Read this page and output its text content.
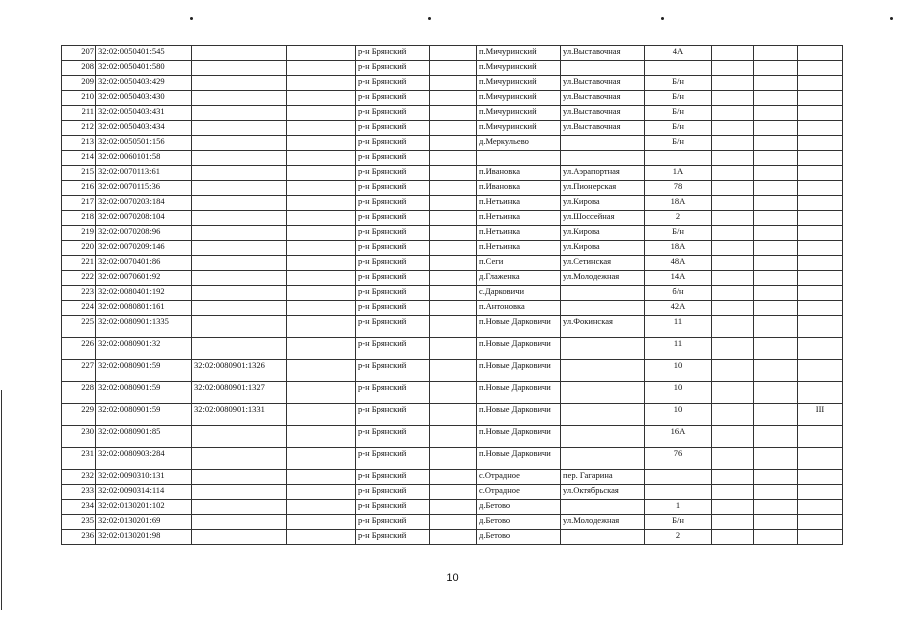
207	32:02:0050401:545			р-н Брянский		п.Мичуринский	ул.Выставочная	4А			
208	32:02:0050401:580			р-н Брянский		п.Мичуринский					
209	32:02:0050403:429			р-н Брянский		п.Мичуринский	ул.Выставочная	Б/н			
210	32:02:0050403:430			р-н Брянский		п.Мичуринский	ул.Выставочная	Б/н			
211	32:02:0050403:431			р-н Брянский		п.Мичуринский	ул.Выставочная	Б/н			
212	32:02:0050403:434			р-н Брянский		п.Мичуринский	ул.Выставочная	Б/н			
213	32:02:0050501:156			р-н Брянский		д.Меркульево		Б/н			
214	32:02:0060101:58			р-н Брянский							
215	32:02:0070113:61			р-н Брянский		п.Ивановка	ул.Аэрапортная	1А			
216	32:02:0070115:36			р-н Брянский		п.Ивановка	ул.Пионерская	78			
217	32:02:0070203:184			р-н Брянский		п.Нетьинка	ул.Кирова	18А			
218	32:02:0070208:104			р-н Брянский		п.Нетьинка	ул.Шоссейная	2			
219	32:02:0070208:96			р-н Брянский		п.Нетьинка	ул.Кирова	Б/н			
220	32:02:0070209:146			р-н Брянский		п.Нетьинка	ул.Кирова	18А			
221	32:02:0070401:86			р-н Брянский		п.Сеги	ул.Сетинская	48А			
222	32:02:0070601:92			р-н Брянский		д.Глаженка	ул.Молодежная	14А			
223	32:02:0080401:192			р-н Брянский		с.Дарковичи		б/н			
224	32:02:0080801:161			р-н Брянский		п.Антоновка		42А			
225	32:02:0080901:1335			р-н Брянский		п.Новые Дарковичи	ул.Фокинская	11			
226	32:02:0080901:32			р-н Брянский		п.Новые Дарковичи		11			
227	32:02:0080901:59	32:02:0080901:1326		р-н Брянский		п.Новые Дарковичи		10			
228	32:02:0080901:59	32:02:0080901:1327		р-н Брянский		п.Новые Дарковичи		10			
229	32:02:0080901:59	32:02:0080901:1331		р-н Брянский		п.Новые Дарковичи		10			III
230	32:02:0080901:85			р-н Брянский		п.Новые Дарковичи		16А			
231	32:02:0080903:284			р-н Брянский		п.Новые Дарковичи		76			
232	32:02:0090310:131			р-н Брянский		с.Отрадное	пер. Гагарина				
233	32:02:0090314:114			р-н Брянский		с.Отрадное	ул.Октябрьская				
234	32:02:0130201:102			р-н Брянский		д.Бетово		1			
235	32:02:0130201:69			р-н Брянский		д.Бетово	ул.Молодежная	Б/н			
236	32:02:0130201:98			р-н Брянский		д.Бетово		2			
10
